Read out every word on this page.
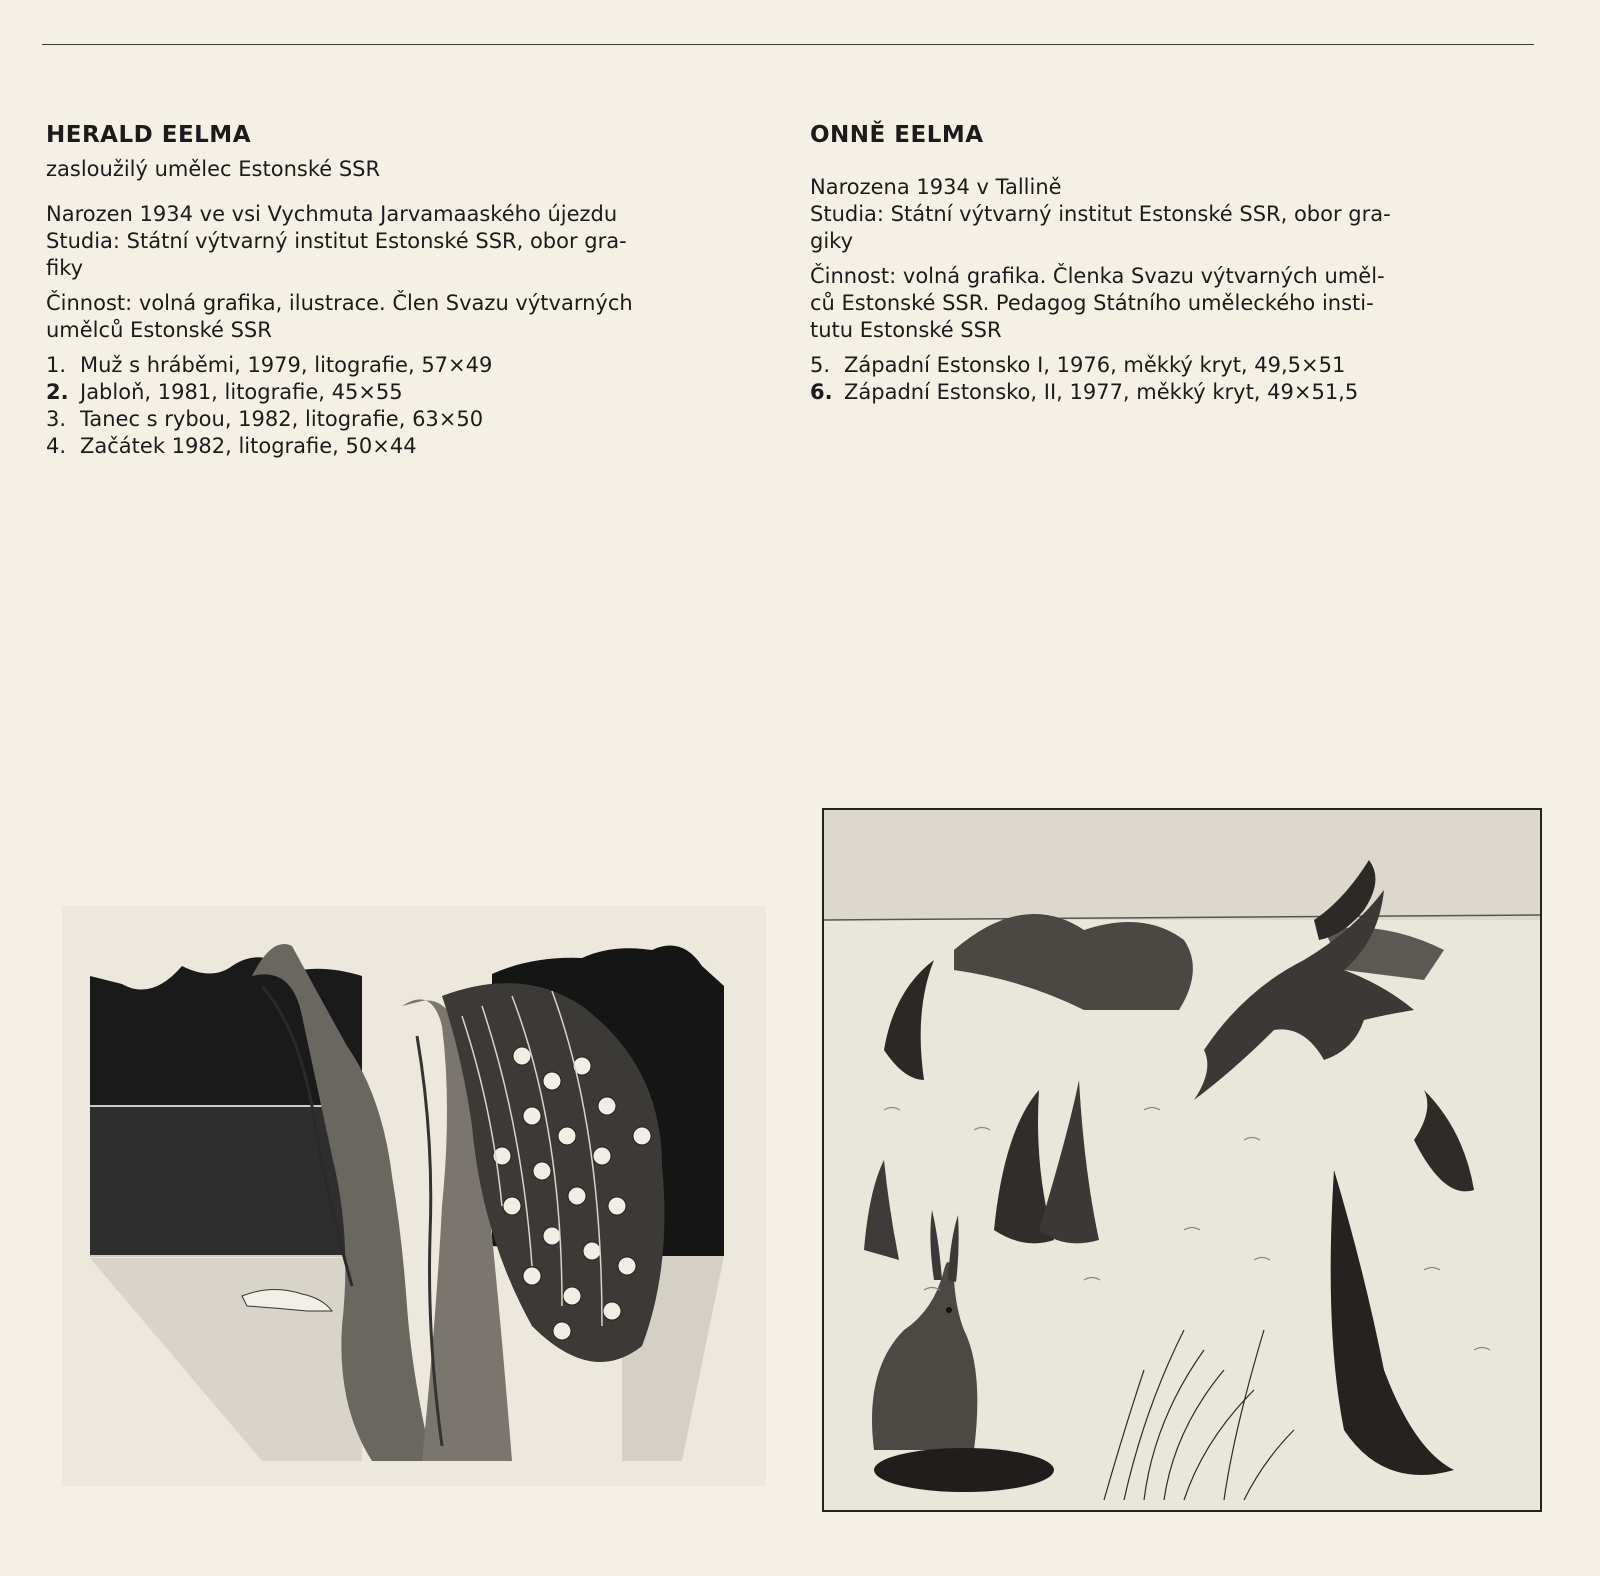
HERALD EELMA

zasloužilý umělec Estonské SSR

Narozen 1934 ve vsi Vychmuta Jarvamaaského újezdu

Studia: Státní výtvarný institut Estonské SSR, obor gra-

fiky

Činnost: volná grafika, ilustrace. Člen Svazu výtvarných

umělců Estonské SSR

1. Muž s hráběmi, 1979, litografie, 57×49
2. Jabloň, 1981, litografie, 45×55
3. Tanec s rybou, 1982, litografie, 63×50
4. Začátek 1982, litografie, 50×44

ONNĚ EELMA

Narozena 1934 v Tallině

Studia: Státní výtvarný institut Estonské SSR, obor gra-

giky

Činnost: volná grafika. Členka Svazu výtvarných uměl-

ců Estonské SSR. Pedagog Státního uměleckého insti-

tutu Estonské SSR

5. Západní Estonsko I, 1976, měkký kryt, 49,5×51
6. Západní Estonsko, II, 1977, měkký kryt, 49×51,5
